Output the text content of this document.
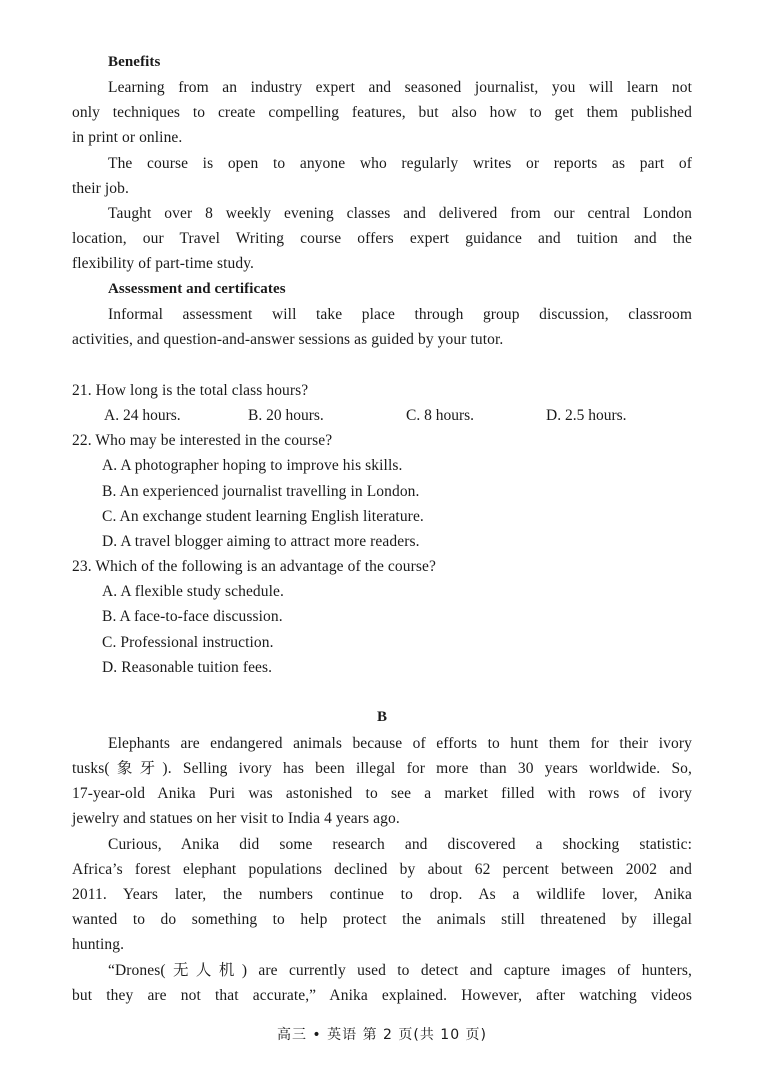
Benefits
Learning from an industry expert and seasoned journalist, you will learn not
only techniques to create compelling features, but also how to get them published
in print or online.
The course is open to anyone who regularly writes or reports as part of
their job.
Taught over 8 weekly evening classes and delivered from our central London
location, our Travel Writing course offers expert guidance and tuition and the
flexibility of part-time study.
Assessment and certificates
Informal assessment will take place through group discussion, classroom
activities, and question-and-answer sessions as guided by your tutor.
21. How long is the total class hours?
A. 24 hours.	B. 20 hours.	C. 8 hours.	D. 2.5 hours.
22. Who may be interested in the course?
A. A photographer hoping to improve his skills.
B. An experienced journalist travelling in London.
C. An exchange student learning English literature.
D. A travel blogger aiming to attract more readers.
23. Which of the following is an advantage of the course?
A. A flexible study schedule.
B. A face-to-face discussion.
C. Professional instruction.
D. Reasonable tuition fees.
B
Elephants are endangered animals because of efforts to hunt them for their ivory
tusks(象牙). Selling ivory has been illegal for more than 30 years worldwide. So,
17-year-old Anika Puri was astonished to see a market filled with rows of ivory
jewelry and statues on her visit to India 4 years ago.
Curious, Anika did some research and discovered a shocking statistic:
Africa’s forest elephant populations declined by about 62 percent between 2002 and
2011. Years later, the numbers continue to drop. As a wildlife lover, Anika
wanted to do something to help protect the animals still threatened by illegal
hunting.
“Drones(无人机) are currently used to detect and capture images of hunters,
but they are not that accurate,” Anika explained. However, after watching videos
高三 • 英语 第 2 页(共 10 页)
